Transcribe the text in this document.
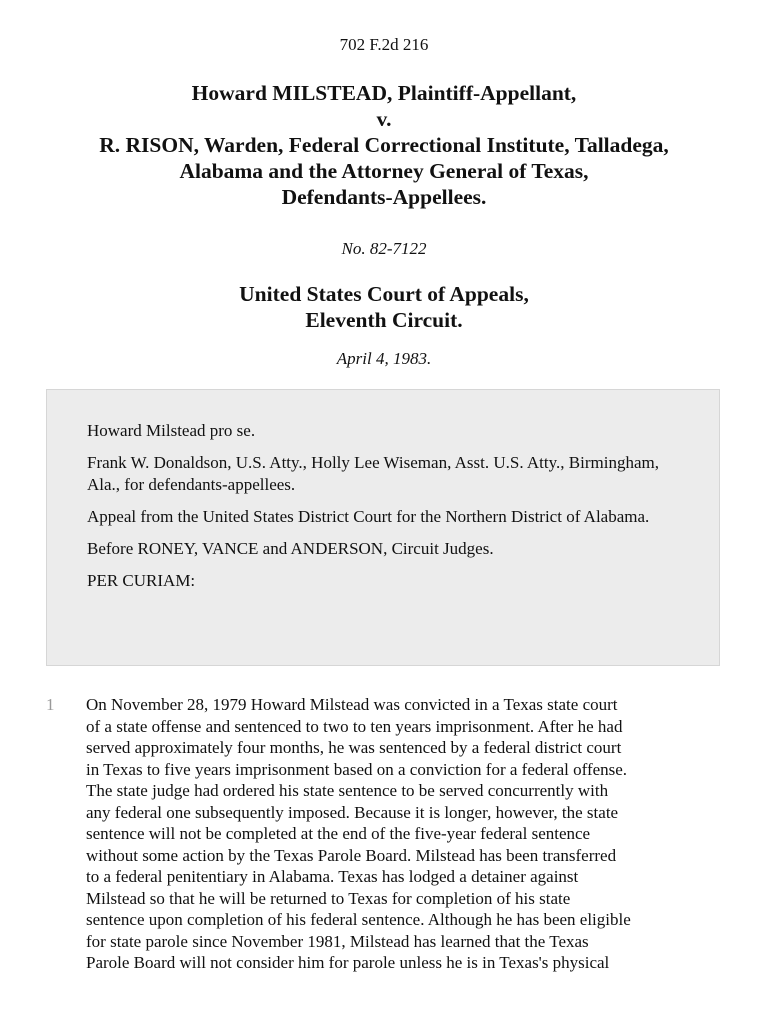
702 F.2d 216
Howard MILSTEAD, Plaintiff-Appellant,
v.
R. RISON, Warden, Federal Correctional Institute, Talladega,
Alabama and the Attorney General of Texas,
Defendants-Appellees.
No. 82-7122
United States Court of Appeals,
Eleventh Circuit.
April 4, 1983.

Howard Milstead pro se.

Frank W. Donaldson, U.S. Atty., Holly Lee Wiseman, Asst. U.S. Atty., Birmingham, Ala., for defendants-appellees.

Appeal from the United States District Court for the Northern District of Alabama.

Before RONEY, VANCE and ANDERSON, Circuit Judges.

PER CURIAM:

1 On November 28, 1979 Howard Milstead was convicted in a Texas state court
of a state offense and sentenced to two to ten years imprisonment. After he had
served approximately four months, he was sentenced by a federal district court
in Texas to five years imprisonment based on a conviction for a federal offense.
The state judge had ordered his state sentence to be served concurrently with
any federal one subsequently imposed. Because it is longer, however, the state
sentence will not be completed at the end of the five-year federal sentence
without some action by the Texas Parole Board. Milstead has been transferred
to a federal penitentiary in Alabama. Texas has lodged a detainer against
Milstead so that he will be returned to Texas for completion of his state
sentence upon completion of his federal sentence. Although he has been eligible
for state parole since November 1981, Milstead has learned that the Texas
Parole Board will not consider him for parole unless he is in Texas's physical
